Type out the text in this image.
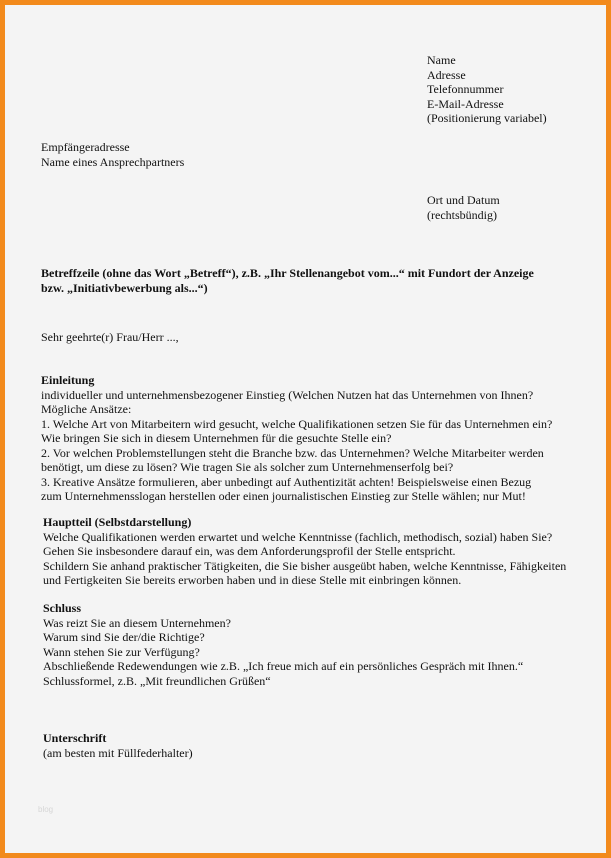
Name
Adresse
Telefonnummer
E-Mail-Adresse
(Positionierung variabel)
Empfängeradresse
Name eines Ansprechpartners
Ort und Datum
(rechtsbündig)
Betreffzeile (ohne das Wort „Betreff“), z.B. „Ihr Stellenangebot vom...“ mit Fundort der Anzeige
bzw. „Initiativbewerbung als...“)
Sehr geehrte(r) Frau/Herr ...,
Einleitung
individueller und unternehmensbezogener Einstieg (Welchen Nutzen hat das Unternehmen von Ihnen?
Mögliche Ansätze:
1. Welche Art von Mitarbeitern wird gesucht, welche Qualifikationen setzen Sie für das Unternehmen ein?
Wie bringen Sie sich in diesem Unternehmen für die gesuchte Stelle ein?
2. Vor welchen Problemstellungen steht die Branche bzw. das Unternehmen? Welche Mitarbeiter werden
benötigt, um diese zu lösen? Wie tragen Sie als solcher zum Unternehmenserfolg bei?
3. Kreative Ansätze formulieren, aber unbedingt auf Authentizität achten! Beispielsweise einen Bezug
zum Unternehmensslogan herstellen oder einen journalistischen Einstieg zur Stelle wählen; nur Mut!
Hauptteil (Selbstdarstellung)
Welche Qualifikationen werden erwartet und welche Kenntnisse (fachlich, methodisch, sozial) haben Sie?
Gehen Sie insbesondere darauf ein, was dem Anforderungsprofil der Stelle entspricht.
Schildern Sie anhand praktischer Tätigkeiten, die Sie bisher ausgeübt haben, welche Kenntnisse, Fähigkeiten
und Fertigkeiten Sie bereits erworben haben und in diese Stelle mit einbringen können.
Schluss
Was reizt Sie an diesem Unternehmen?
Warum sind Sie der/die Richtige?
Wann stehen Sie zur Verfügung?
Abschließende Redewendungen wie z.B. „Ich freue mich auf ein persönliches Gespräch mit Ihnen.“
Schlussformel, z.B. „Mit freundlichen Grüßen“
Unterschrift
(am besten mit Füllfederhalter)
blog
